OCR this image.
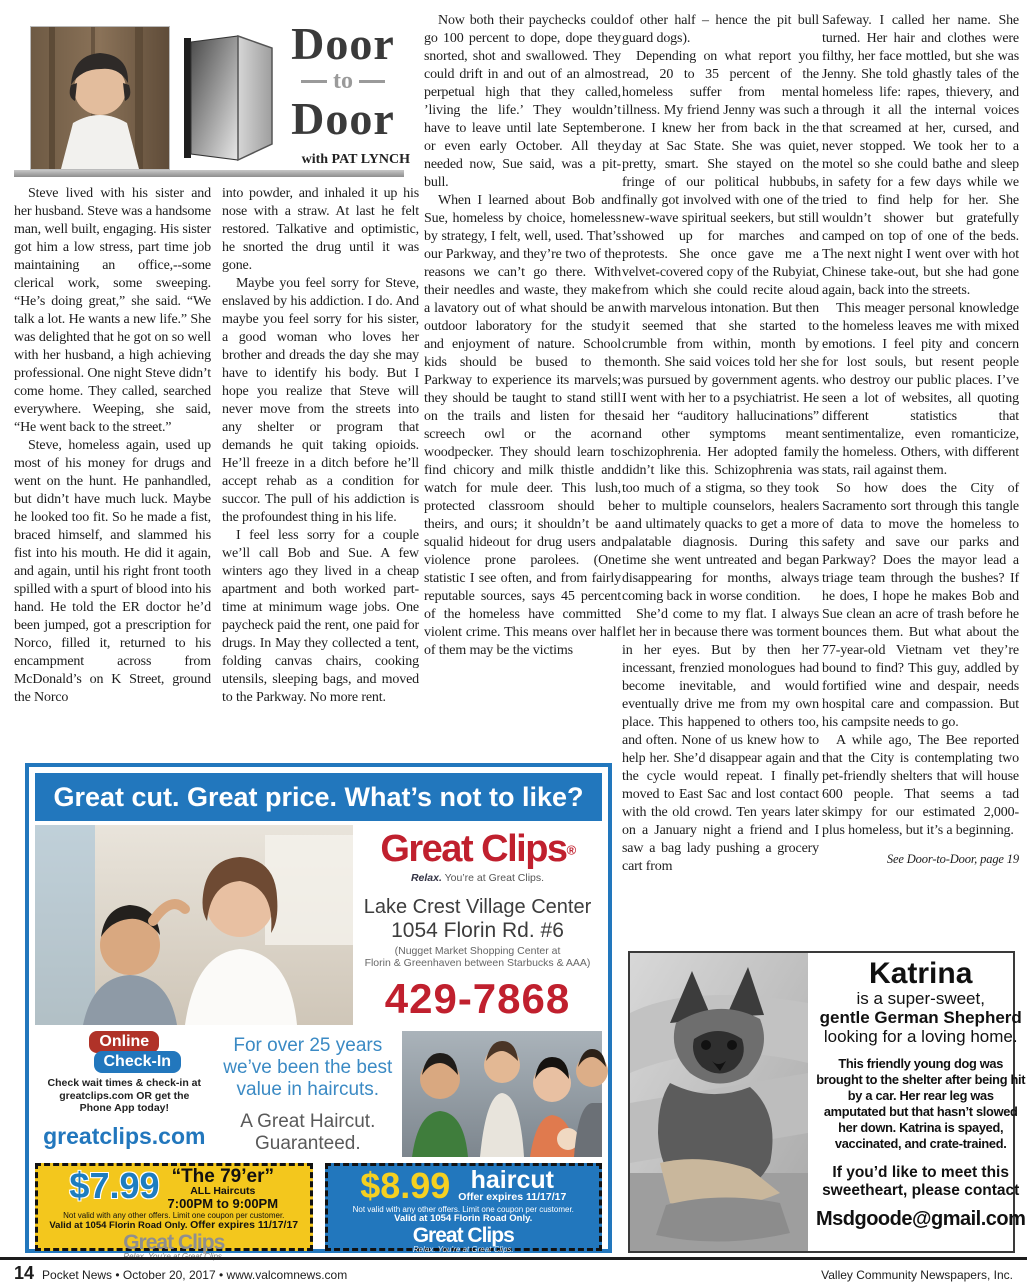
Door
to
Door
with PAT LYNCH

Steve lived with his sister and her husband. Steve was a handsome man, well built, engaging. His sister got him a low stress, part time job maintaining an office,--some clerical work, some sweeping. “He’s doing great,” she said. “We talk a lot. He wants a new life.” She was delighted that he got on so well with her husband, a high achieving professional. One night Steve didn’t come home. They called, searched everywhere. Weeping, she said, “He went back to the street.”

Steve, homeless again, used up most of his money for drugs and went on the hunt. He panhandled, but didn’t have much luck. Maybe he looked too fit. So he made a fist, braced himself, and slammed his fist into his mouth. He did it again, and again, until his right front tooth spilled with a spurt of blood into his hand. He told the ER doctor he’d been jumped, got a prescription for Norco, filled it, returned to his encampment across from McDonald’s on K Street, ground the Norco

into powder, and inhaled it up his nose with a straw. At last he felt restored. Talkative and optimistic, he snorted the drug until it was gone.

Maybe you feel sorry for Steve, enslaved by his addiction. I do. And maybe you feel sorry for his sister, a good woman who loves her brother and dreads the day she may have to identify his body. But I hope you realize that Steve will never move from the streets into any shelter or program that demands he quit taking opioids. He’ll freeze in a ditch before he’ll accept rehab as a condition for succor. The pull of his addiction is the profoundest thing in his life.

I feel less sorry for a couple we’ll call Bob and Sue. A few winters ago they lived in a cheap apartment and both worked part-time at minimum wage jobs. One paycheck paid the rent, one paid for drugs. In May they collected a tent, folding canvas chairs, cooking utensils, sleeping bags, and moved to the Parkway. No more rent.

Now both their paychecks could go 100 percent to dope, dope they snorted, shot and swallowed. They could drift in and out of an almost perpetual high that they called, ’living the life.’ They wouldn’t have to leave until late September or even early October. All they needed now, Sue said, was a pit-bull.

When I learned about Bob and Sue, homeless by choice, homeless by strategy, I felt, well, used. That’s our Parkway, and they’re two of the reasons we can’t go there. With their needles and waste, they make a lavatory out of what should be an outdoor laboratory for the study and enjoyment of nature. School kids should be bused to the Parkway to experience its marvels; they should be taught to stand still on the trails and listen for the screech owl or the acorn woodpecker. They should learn to find chicory and milk thistle and watch for mule deer. This lush, protected classroom should be theirs, and ours; it shouldn’t be a squalid hideout for drug users and violence prone parolees. (One statistic I see often, and from fairly reputable sources, says 45 percent of the homeless have committed violent crime. This means over half of them may be the victims

of other half – hence the pit bull guard dogs).

Depending on what report you read, 20 to 35 percent of the homeless suffer from mental illness. My friend Jenny was such a one. I knew her from back in the day at Sac State. She was quiet, pretty, smart. She stayed on the fringe of our political hubbubs, finally got involved with one of the new-wave spiritual seekers, but still showed up for marches and protests. She once gave me a velvet-covered copy of the Rubyiat, from which she could recite aloud with marvelous intonation. But then it seemed that she started to crumble from within, month by month. She said voices told her she was pursued by government agents. I went with her to a psychiatrist. He said her “auditory hallucinations” and other symptoms meant schizophrenia. Her adopted family didn’t like this. Schizophrenia was too much of a stigma, so they took her to multiple counselors, healers and ultimately quacks to get a more palatable diagnosis. During this time she went untreated and began disappearing for months, always coming back in worse condition.

She’d come to my flat. I always let her in because there was torment in her eyes. But by then her incessant, frenzied monologues had become inevitable, and would eventually drive me from my own place. This happened to others too, and often. None of us knew how to help her. She’d disappear again and the cycle would repeat. I finally moved to East Sac and lost contact with the old crowd. Ten years later on a January night a friend and I saw a bag lady pushing a grocery cart from

Safeway. I called her name. She turned. Her hair and clothes were filthy, her face mottled, but she was Jenny. She told ghastly tales of the homeless life: rapes, thievery, and through it all the internal voices that screamed at her, cursed, and never stopped. We took her to a motel so she could bathe and sleep in safety for a few days while we tried to find help for her. She wouldn’t shower but gratefully camped on top of one of the beds. The next night I went over with hot Chinese take-out, but she had gone again, back into the streets.

This meager personal knowledge the homeless leaves me with mixed emotions. I feel pity and concern for lost souls, but resent people who destroy our public places. I’ve seen a lot of websites, all quoting different statistics that sentimentalize, even romanticize, the homeless. Others, with different stats, rail against them.

So how does the City of Sacramento sort through this tangle of data to move the homeless to safety and save our parks and Parkway? Does the mayor lead a triage team through the bushes? If he does, I hope he makes Bob and Sue clean an acre of trash before he bounces them. But what about the 77-year-old Vietnam vet they’re bound to find? This guy, addled by fortified wine and despair, needs hospital care and compassion. But his campsite needs to go.

A while ago, The Bee reported that the City is contemplating two pet-friendly shelters that will house 600 people. That seems a tad skimpy for our estimated 2,000-plus homeless, but it’s a beginning.

See Door-to-Door, page 19
Great cut. Great price. What’s not to like?
Great Clips®
Relax. You’re at Great Clips.
Lake Crest Village Center
1054 Florin Rd. #6
(Nugget Market Shopping Center at
Florin & Greenhaven between Starbucks & AAA)
429-7868
Online
Check-In
Check wait times & check-in at greatclips.com OR get the Phone App today!
greatclips.com
For over 25 years we’ve been the best value in haircuts.
A Great Haircut.
Guaranteed.
$7.99 “The 79’er”
ALL Haircuts
7:00PM to 9:00PM
Not valid with any other offers. Limit one coupon per customer.
Valid at 1054 Florin Road Only. Offer expires 11/17/17
Great Clips
$8.99 haircut
Offer expires 11/17/17
Not valid with any other offers. Limit one coupon per customer.
Valid at 1054 Florin Road Only.
Great Clips
Relax. You’re at Great Clips.
Katrina
is a super-sweet,
gentle German Shepherd
looking for a loving home.
This friendly young dog was brought to the shelter after being hit by a car. Her rear leg was amputated but that hasn’t slowed her down. Katrina is spayed, vaccinated, and crate-trained.
If you’d like to meet this
sweetheart, please contact
Msdgoode@gmail.com
14 Pocket News • October 20, 2017 • www.valcomnews.com	Valley Community Newspapers, Inc.
